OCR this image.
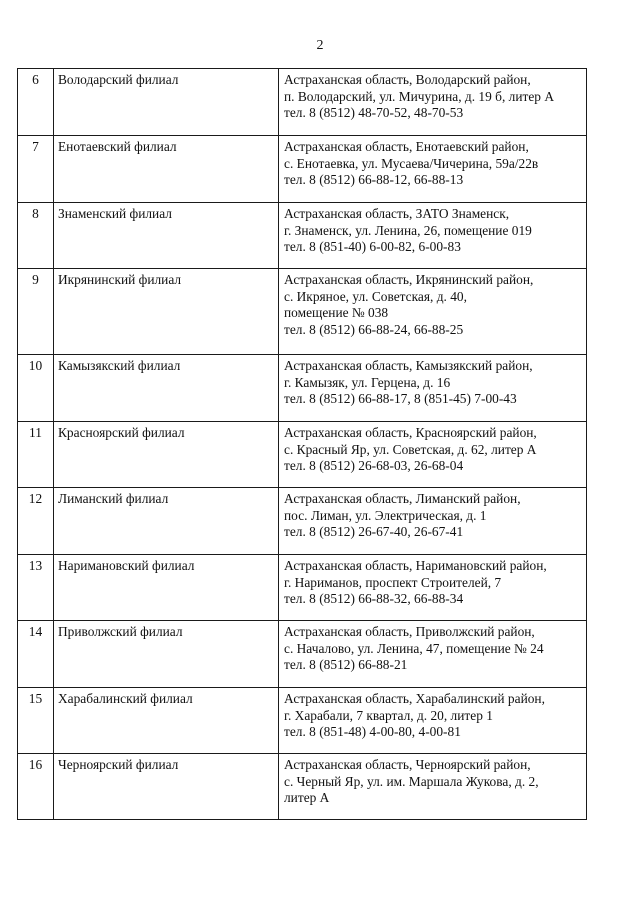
2
6	Володарский филиал	Астраханская область, Володарский район,
п. Володарский, ул. Мичурина, д. 19 б, литер А
тел. 8 (8512) 48-70-52, 48-70-53

7	Енотаевский филиал	Астраханская область, Енотаевский район,
с. Енотаевка, ул. Мусаева/Чичерина, 59а/22в
тел. 8 (8512) 66-88-12, 66-88-13

8	Знаменский филиал	Астраханская область, ЗАТО Знаменск,
г. Знаменск, ул. Ленина, 26, помещение 019
тел. 8 (851-40) 6-00-82, 6-00-83

9	Икрянинский филиал	Астраханская область, Икрянинский район,
с. Икряное, ул. Советская, д. 40,
помещение № 038
тел. 8 (8512) 66-88-24, 66-88-25

10	Камызякский филиал	Астраханская область, Камызякский район,
г. Камызяк, ул. Герцена, д. 16
тел. 8 (8512) 66-88-17, 8 (851-45) 7-00-43

11	Красноярский филиал	Астраханская область, Красноярский район,
с. Красный Яр, ул. Советская, д. 62, литер А
тел. 8 (8512) 26-68-03, 26-68-04

12	Лиманский филиал	Астраханская область, Лиманский район,
пос. Лиман, ул. Электрическая, д. 1
тел. 8 (8512) 26-67-40, 26-67-41

13	Наримановский филиал	Астраханская область, Наримановский район,
г. Нариманов, проспект Строителей, 7
тел. 8 (8512) 66-88-32, 66-88-34

14	Приволжский филиал	Астраханская область, Приволжский район,
с. Началово, ул. Ленина, 47, помещение № 24
тел. 8 (8512) 66-88-21

15	Харабалинский филиал	Астраханская область, Харабалинский район,
г. Харабали, 7 квартал, д. 20, литер 1
тел. 8 (851-48) 4-00-80, 4-00-81

16	Черноярский филиал	Астраханская область, Черноярский район,
с. Черный Яр, ул. им. Маршала Жукова, д. 2,
литер А
